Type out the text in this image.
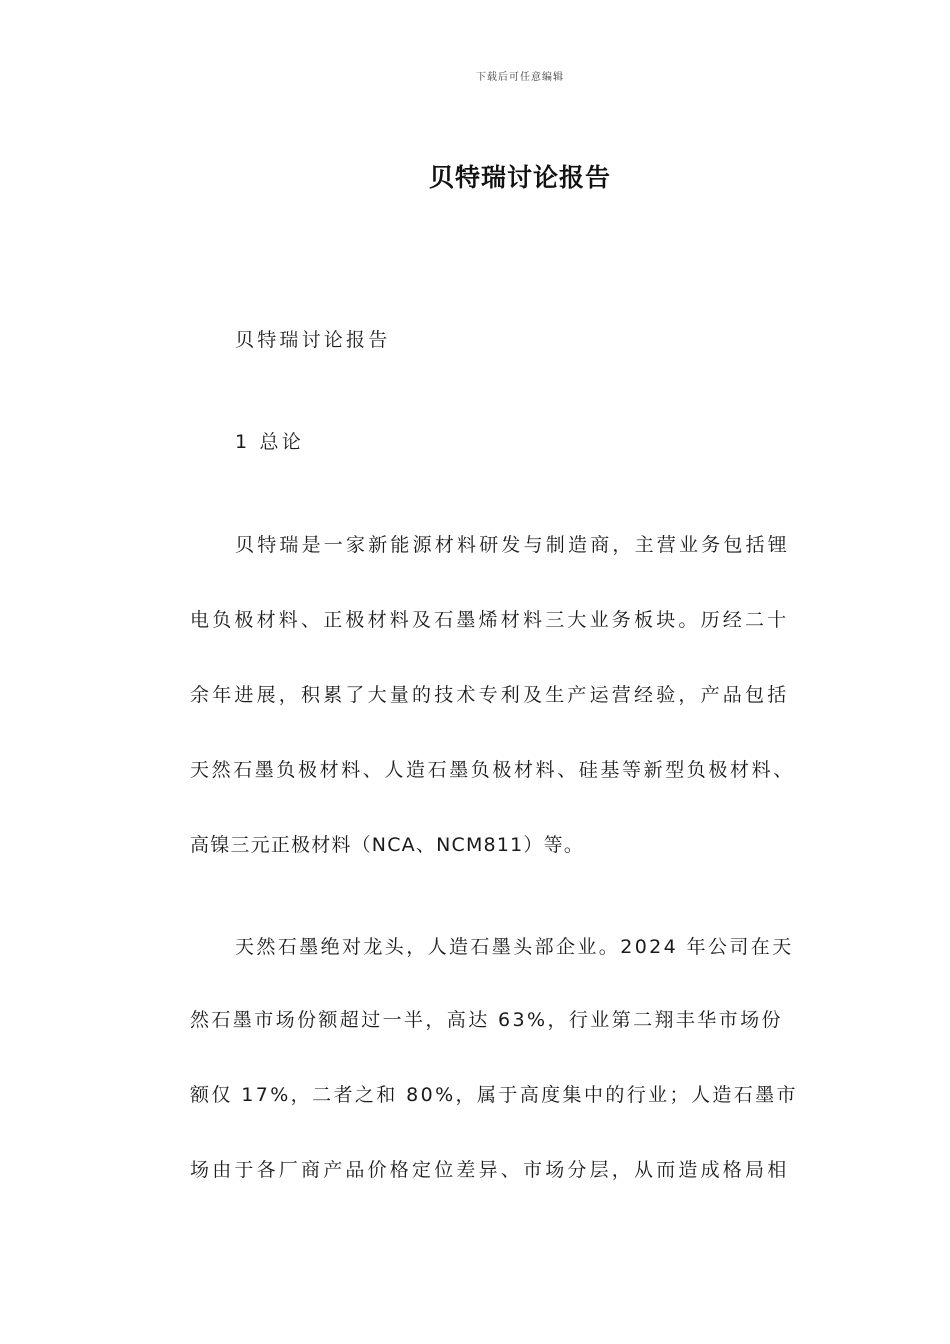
下载后可任意编辑
贝特瑞讨论报告
贝特瑞讨论报告
1 总论
贝特瑞是一家新能源材料研发与制造商，主营业务包括锂
电负极材料、正极材料及石墨烯材料三大业务板块。历经二十
余年进展，积累了大量的技术专利及生产运营经验，产品包括
天然石墨负极材料、人造石墨负极材料、硅基等新型负极材料、
高镍三元正极材料（NCA、NCM811）等。
天然石墨绝对龙头，人造石墨头部企业。2024 年公司在天
然石墨市场份额超过一半，高达 63%，行业第二翔丰华市场份
额仅 17%，二者之和 80%，属于高度集中的行业；人造石墨市
场由于各厂商产品价格定位差异、市场分层，从而造成格局相
